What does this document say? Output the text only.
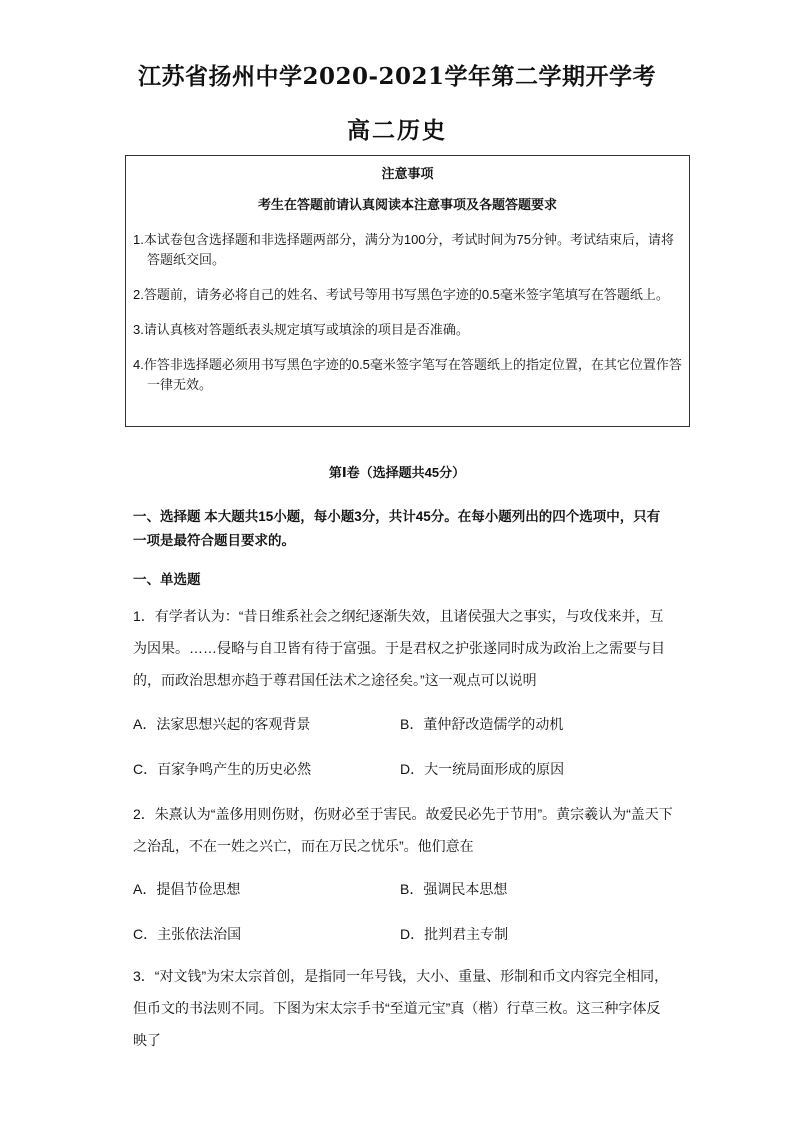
江苏省扬州中学2020-2021学年第二学期开学考
高二历史
注意事项
考生在答题前请认真阅读本注意事项及各题答题要求
1.本试卷包含选择题和非选择题两部分，满分为100分，考试时间为75分钟。考试结束后，请将答题纸交回。
2.答题前，请务必将自己的姓名、考试号等用书写黑色字迹的0.5毫米签字笔填写在答题纸上。
3.请认真核对答题纸表头规定填写或填涂的项目是否准确。
4.作答非选择题必须用书写黑色字迹的0.5毫米签字笔写在答题纸上的指定位置，在其它位置作答一律无效。
第Ⅰ卷（选择题共45分）

一、选择题 本大题共15小题，每小题3分，共计45分。在每小题列出的四个选项中，只有一项是最符合题目要求的。

一、单选题

1．有学者认为：“昔日维系社会之纲纪逐渐失效，且诸侯强大之事实，与攻伐来并，互为因果。……侵略与自卫皆有待于富强。于是君权之护张遂同时成为政治上之需要与目的，而政治思想亦趋于尊君国任法术之途径矣。”这一观点可以说明

A．法家思想兴起的客观背景	B．董仲舒改造儒学的动机
C．百家争鸣产生的历史必然	D．大一统局面形成的原因

2．朱熹认为“盖侈用则伤财，伤财必至于害民。故爱民必先于节用”。黄宗羲认为“盖天下之治乱，不在一姓之兴亡，而在万民之忧乐”。他们意在

A．提倡节俭思想	B．强调民本思想
C．主张依法治国	D．批判君主专制

3．“对文钱”为宋太宗首创，是指同一年号钱，大小、重量、形制和币文内容完全相同，但币文的书法则不同。下图为宋太宗手书“至道元宝”真（楷）行草三枚。这三种字体反映了
